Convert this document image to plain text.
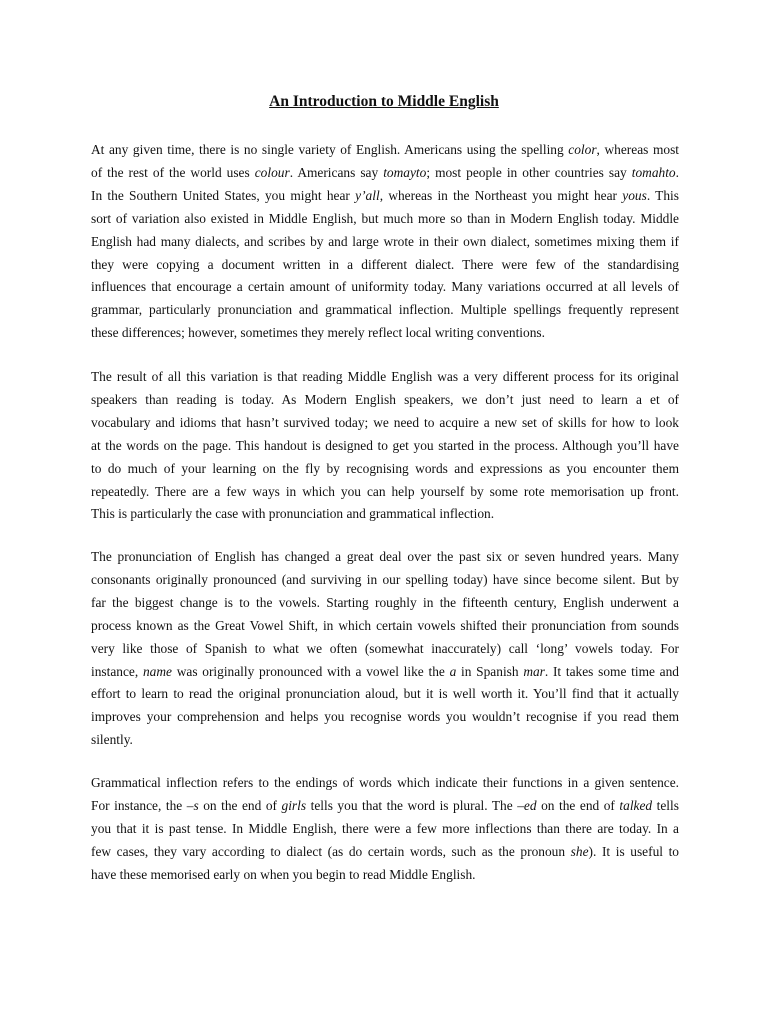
An Introduction to Middle English
At any given time, there is no single variety of English. Americans using the spelling color, whereas most
of the rest of the world uses colour. Americans say tomayto; most people in other countries say tomahto.
In the Southern United States, you might hear y’all, whereas in the Northeast you might hear yous. This
sort of variation also existed in Middle English, but much more so than in Modern English today. Middle
English had many dialects, and scribes by and large wrote in their own dialect, sometimes mixing them if
they were copying a document written in a different dialect. There were few of the standardising
influences that encourage a certain amount of uniformity today. Many variations occurred at all levels of
grammar, particularly pronunciation and grammatical inflection. Multiple spellings frequently represent
these differences; however, sometimes they merely reflect local writing conventions.
The result of all this variation is that reading Middle English was a very different process for its original
speakers than reading is today. As Modern English speakers, we don’t just need to learn a et of
vocabulary and idioms that hasn’t survived today; we need to acquire a new set of skills for how to look
at the words on the page. This handout is designed to get you started in the process. Although you’ll have
to do much of your learning on the fly by recognising words and expressions as you encounter them
repeatedly. There are a few ways in which you can help yourself by some rote memorisation up front.
This is particularly the case with pronunciation and grammatical inflection.
The pronunciation of English has changed a great deal over the past six or seven hundred years. Many
consonants originally pronounced (and surviving in our spelling today) have since become silent. But by
far the biggest change is to the vowels. Starting roughly in the fifteenth century, English underwent a
process known as the Great Vowel Shift, in which certain vowels shifted their pronunciation from sounds
very like those of Spanish to what we often (somewhat inaccurately) call ‘long’ vowels today. For
instance, name was originally pronounced with a vowel like the a in Spanish mar. It takes some time and
effort to learn to read the original pronunciation aloud, but it is well worth it. You’ll find that it actually
improves your comprehension and helps you recognise words you wouldn’t recognise if you read them
silently.
Grammatical inflection refers to the endings of words which indicate their functions in a given sentence.
For instance, the –s on the end of girls tells you that the word is plural. The –ed on the end of talked tells
you that it is past tense. In Middle English, there were a few more inflections than there are today. In a
few cases, they vary according to dialect (as do certain words, such as the pronoun she). It is useful to
have these memorised early on when you begin to read Middle English.
